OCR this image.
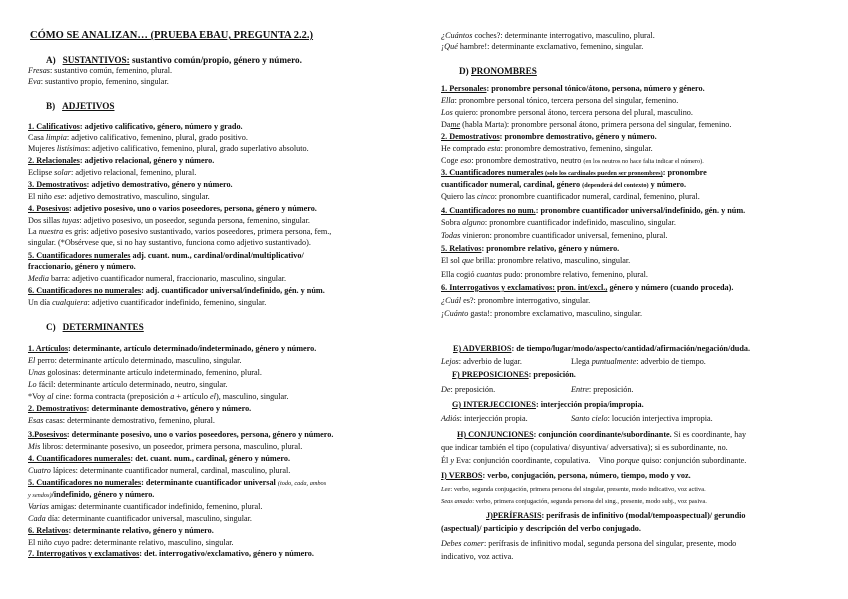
CÓMO SE ANALIZAN… (PRUEBA EBAU, PREGUNTA 2.2.)
A) SUSTANTIVOS: sustantivo común/propio, género y número.
Fresas: sustantivo común, femenino, plural.
Eva: sustantivo propio, femenino, singular.
B) ADJETIVOS
1. Calificativos: adjetivo calificativo, género, número y grado.
Casa limpia: adjetivo calificativo, femenino, plural, grado positivo.
Mujeres listísimas: adjetivo calificativo, femenino, plural, grado superlativo absoluto.
2. Relacionales: adjetivo relacional, género y número.
Eclipse solar: adjetivo relacional, femenino, plural.
3. Demostrativos: adjetivo demostrativo, género y número.
El niño ese: adjetivo demostrativo, masculino, singular.
4. Posesivos: adjetivo posesivo, uno o varios poseedores, persona, género y número.
Dos sillas tuyas: adjetivo posesivo, un poseedor, segunda persona, femenino, singular.
La nuestra es gris: adjetivo posesivo sustantivado, varios poseedores, primera persona, fem.,
singular. (*Obsérvese que, si no hay sustantivo, funciona como adjetivo sustantivado).
5. Cuantificadores numerales adj. cuant. num., cardinal/ordinal/multiplicativo/
fraccionario, género y número.
Media barra: adjetivo cuantificador numeral, fraccionario, masculino, singular.
6. Cuantificadores no numerales: adj. cuantificador universal/indefinido, gén. y núm.
Un día cualquiera: adjetivo cuantificador indefinido, femenino, singular.
C) DETERMINANTES
1. Artículos: determinante, artículo determinado/indeterminado, género y número.
El perro: determinante artículo determinado, masculino, singular.
Unas golosinas: determinante artículo indeterminado, femenino, plural.
Lo fácil: determinante artículo determinado, neutro, singular.
*Voy al cine: forma contracta (preposición a + artículo el), masculino, singular.
2. Demostrativos: determinante demostrativo, género y número.
Esas casas: determinante demostrativo, femenino, plural.
3.Posesivos: determinante posesivo, uno o varios poseedores, persona, género y número.
Mis libros: determinante posesivo, un poseedor, primera persona, masculino, plural.
4. Cuantificadores numerales: det. cuant. num., cardinal, género y número.
Cuatro lápices: determinante cuantificador numeral, cardinal, masculino, plural.
5. Cuantificadores no numerales: determinante cuantificador universal (todo, cada, ambos
y sendos)/indefinido, género y número.
Varias amigas: determinante cuantificador indefinido, femenino, plural.
Cada día: determinante cuantificador universal, masculino, singular.
6. Relativos: determinante relativo, género y número.
El niño cuyo padre: determinante relativo, masculino, singular.
7. Interrogativos y exclamativos: det. interrogativo/exclamativo, género y número.
¿Cuántos coches?: determinante interrogativo, masculino, plural.
¡Qué hambre!: determinante exclamativo, femenino, singular.
D) PRONOMBRES
1. Personales: pronombre personal tónico/átono, persona, número y género.
Ella: pronombre personal tónico, tercera persona del singular, femenino.
Los quiero: pronombre personal átono, tercera persona del plural, masculino.
Dame (habla Marta): pronombre personal átono, primera persona del singular, femenino.
2. Demostrativos: pronombre demostrativo, género y número.
He comprado esta: pronombre demostrativo, femenino, singular.
Coge eso: pronombre demostrativo, neutro (en los neutros no hace falta indicar el número).
3. Cuantificadores numerales (solo los cardinales pueden ser pronombres): pronombre
cuantificador numeral, cardinal, género (dependerá del contexto) y número.
Quiero las cinco: pronombre cuantificador numeral, cardinal, femenino, plural.
4. Cuantificadores no num.: pronombre cuantificador universal/indefinido, gén. y núm.
Sobra alguno: pronombre cuantificador indefinido, masculino, singular.
Todas vinieron: pronombre cuantificador universal, femenino, plural.
5. Relativos: pronombre relativo, género y número.
El sol que brilla: pronombre relativo, masculino, singular.
Ella cogió cuantas pudo: pronombre relativo, femenino, plural.
6. Interrogativos y exclamativos: pron. int/excl., género y número (cuando proceda).
¿Cuál es?: pronombre interrogativo, singular.
¡Cuánto gasta!: pronombre exclamativo, masculino, singular.
E) ADVERBIOS: de tiempo/lugar/modo/aspecto/cantidad/afirmación/negación/duda.
Lejos: adverbio de lugar.	Llega puntualmente: adverbio de tiempo.
F) PREPOSICIONES: preposición.
De: preposición.	Entre: preposición.
G) INTERJECCIONES: interjección propia/impropia.
Adiós: interjección propia.	Santo cielo: locución interjectiva impropia.
H) CONJUNCIONES: conjunción coordinante/subordinante. Si es coordinante, hay
que indicar también el tipo (copulativa/ disyuntiva/ adversativa); si es subordinante, no.
Él y Eva: conjunción coordinante, copulativa. Vino porque quiso: conjunción subordinante.
I) VERBOS: verbo, conjugación, persona, número, tiempo, modo y voz.
Lee: verbo, segunda conjugación, primera persona del singular, presente, modo indicativo, voz activa.
Seas amado: verbo, primera conjugación, segunda persona del sing., presente, modo subj., voz pasiva.
J)PERÍFRASIS: perífrasis de infinitivo (modal/tempoaspectual)/ gerundio
(aspectual)/ participio y descripción del verbo conjugado.
Debes comer: perífrasis de infinitivo modal, segunda persona del singular, presente, modo
indicativo, voz activa.
